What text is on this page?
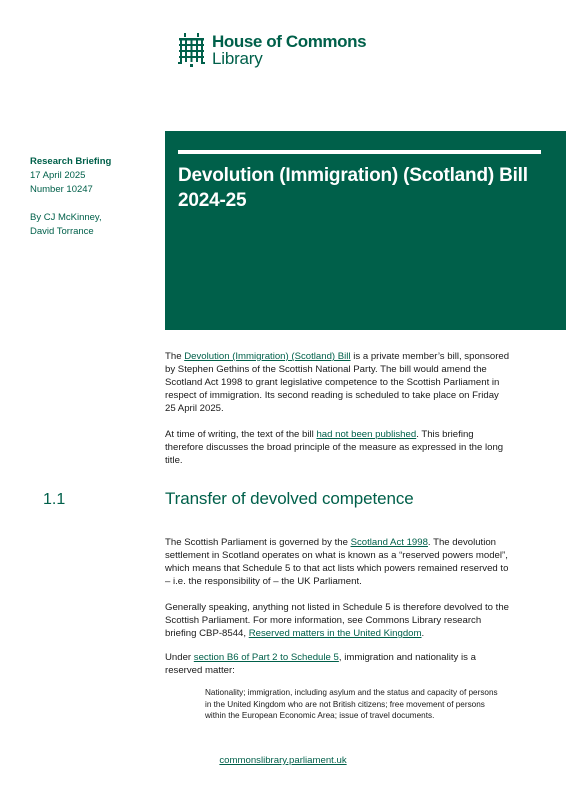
House of Commons
Library
Research Briefing
17 April 2025
Number 10247
By CJ McKinney,
David Torrance
Devolution (Immigration) (Scotland) Bill 2024-25

The Devolution (Immigration) (Scotland) Bill is a private member’s bill, sponsored by Stephen Gethins of the Scottish National Party. The bill would amend the Scotland Act 1998 to grant legislative competence to the Scottish Parliament in respect of immigration. Its second reading is scheduled to take place on Friday 25 April 2025.

At time of writing, the text of the bill had not been published. This briefing therefore discusses the broad principle of the measure as expressed in the long title.

1.1	Transfer of devolved competence

The Scottish Parliament is governed by the Scotland Act 1998. The devolution settlement in Scotland operates on what is known as a “reserved powers model”, which means that Schedule 5 to that act lists which powers remained reserved to – i.e. the responsibility of – the UK Parliament.

Generally speaking, anything not listed in Schedule 5 is therefore devolved to the Scottish Parliament. For more information, see Commons Library research briefing CBP-8544, Reserved matters in the United Kingdom.

Under section B6 of Part 2 to Schedule 5, immigration and nationality is a reserved matter:

Nationality; immigration, including asylum and the status and capacity of persons in the United Kingdom who are not British citizens; free movement of persons within the European Economic Area; issue of travel documents.
commonslibrary.parliament.uk
